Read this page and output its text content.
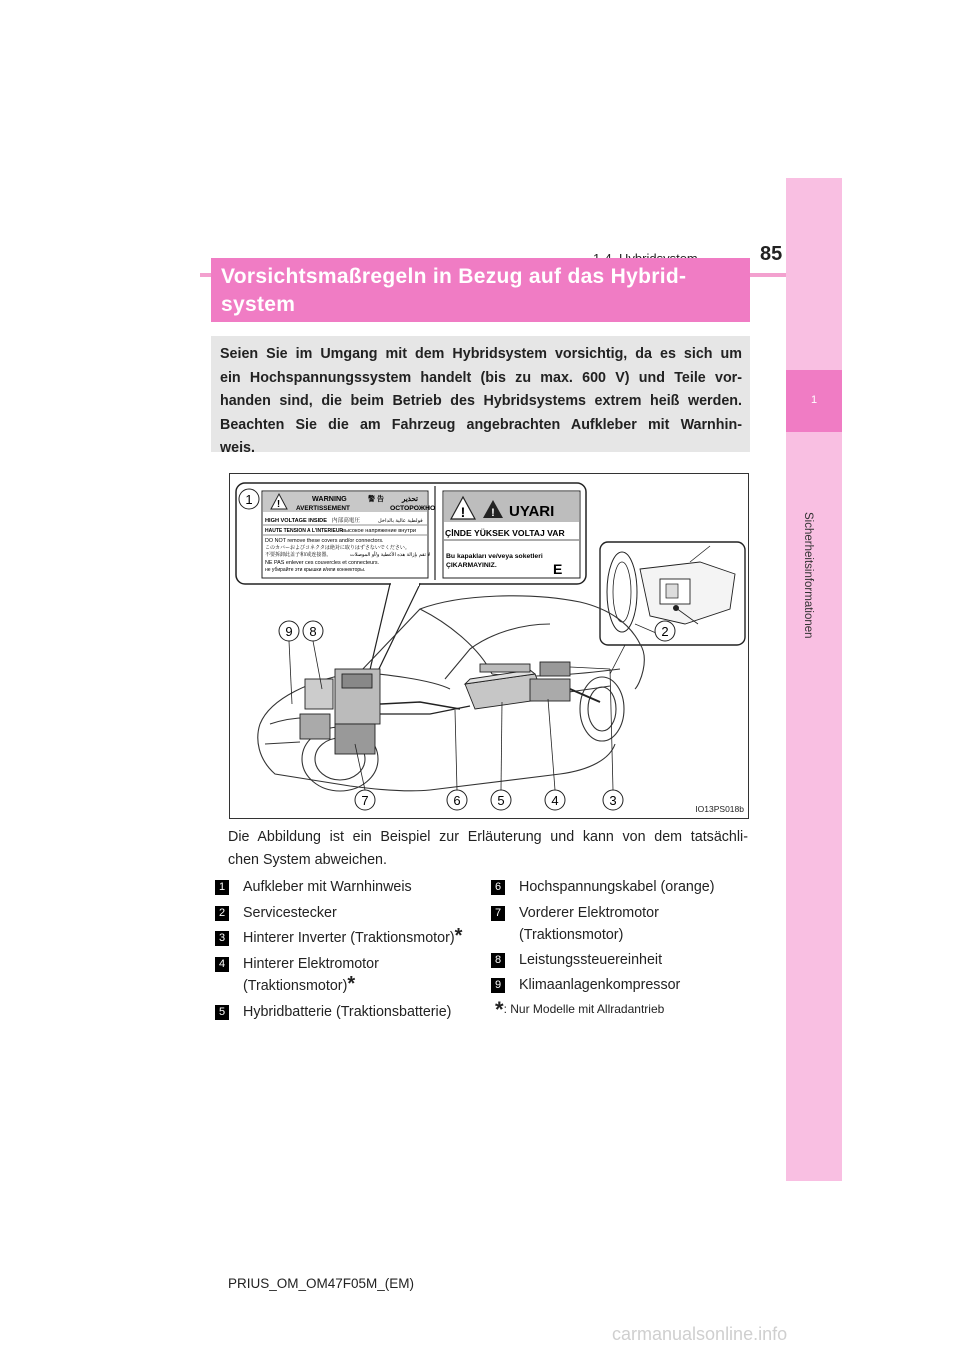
85
1
Sicherheitsinformationen
Vorsichtsmaßregeln in Bezug auf das Hybrid-
system
Seien Sie im Umgang mit dem Hybridsystem vorsichtig, da es sich um
ein Hochspannungssystem handelt (bis zu max. 600 V) und Teile vor-
handen sind, die beim Betrieb des Hybridsystems extrem heiß werden.
Beachten Sie die am Fahrzeug angebrachten Aufkleber mit Warnhin-
weis.
!
WARNING	警 告	تحذير
AVERTISSEMENT	ОСТОРОЖНО
HIGH VOLTAGE INSIDE 内部高電圧	فولطية عالية بالداخل
HAUTE TENSION A L'INTERIEUR
высокое напряжение внутри
DO NOT remove these covers and/or connectors.
このカバーおよびコネクタは絶対に取りはずさないでください。
不要拆卸此盖子和/或连接器。	لا تقم بإزالة هذه الأغطية و/أو الموصلات
NE PAS enlever ces couvercles et connecteurs.
не убирайте эти крышки и/или коннекторы.
! ! UYARI
ÇİNDE YÜKSEK VOLTAJ VAR
Bu kapakları ve/veya soketleri
ÇIKARMAYINIZ.	E
1
2
9 8
7	6	5	4	3
IO13PS018b
Die Abbildung ist ein Beispiel zur Erläuterung und kann von dem tatsächli-
chen System abweichen.
1 Aufkleber mit Warnhinweis
2 Servicestecker
3 Hinterer Inverter (Traktionsmotor)*
4 Hinterer Elektromotor
(Traktionsmotor)*
5 Hybridbatterie (Traktionsbatterie)
6 Hochspannungskabel (orange)
7 Vorderer Elektromotor
(Traktionsmotor)
8 Leistungssteuereinheit
9 Klimaanlagenkompressor
*: Nur Modelle mit Allradantrieb
PRIUS_OM_OM47F05M_(EM)
carmanualsonline.info
